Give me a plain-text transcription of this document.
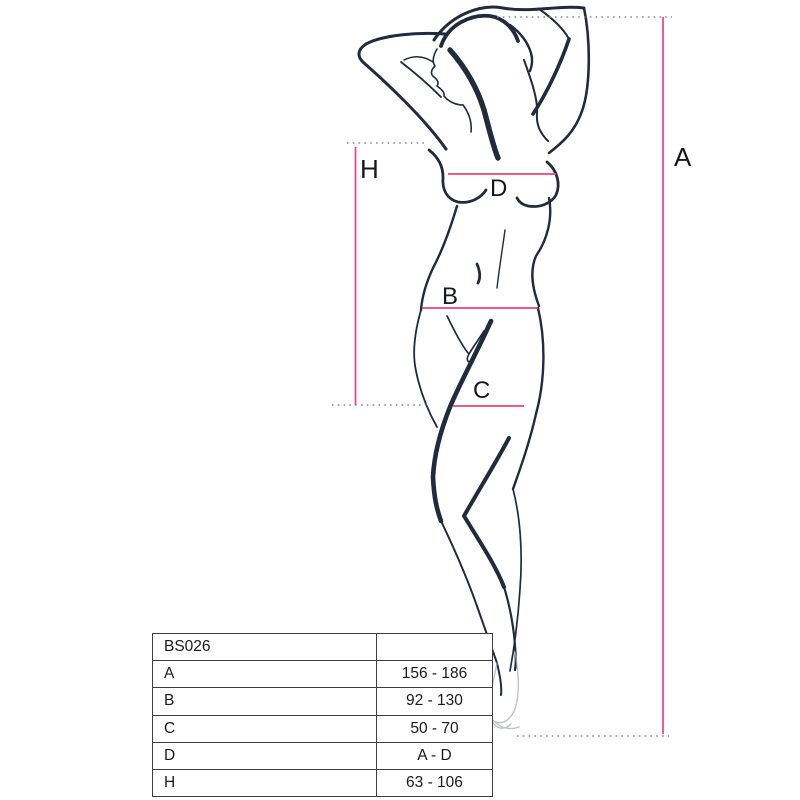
A
H
D
B
C
BS026
A	156 - 186
B	92 - 130
C	50 - 70
D	A - D
H	63 - 106
